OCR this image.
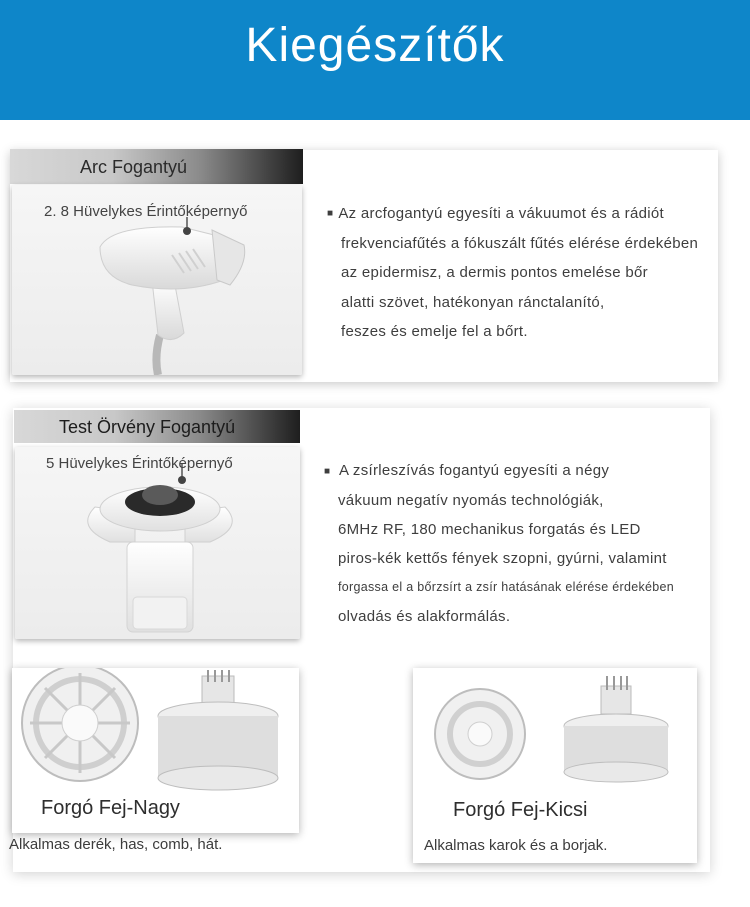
Kiegészítők
Arc Fogantyú
2. 8 Hüvelykes Érintőképernyő	■ Az arcfogantyú egyesíti a vákuumot és a rádiót
frekvenciafűtés a fókuszált fűtés elérése érdekében
az epidermisz, a dermis pontos emelése bőr
alatti szövet, hatékonyan ránctalanító,
feszes és emelje fel a bőrt.
Test Örvény Fogantyú
5 Hüvelykes Érintőképernyő	■ A zsírleszívás fogantyú egyesíti a négy
vákuum negatív nyomás technológiák,
6MHz RF, 180 mechanikus forgatás és LED
piros-kék kettős fények szopni, gyúrni, valamint
forgassa el a bőrzsírt a zsír hatásának elérése érdekében
olvadás és alakformálás.
Forgó Fej-Nagy
Alkalmas derék, has, comb, hát.
Forgó Fej-Kicsi
Alkalmas karok és a borjak.
